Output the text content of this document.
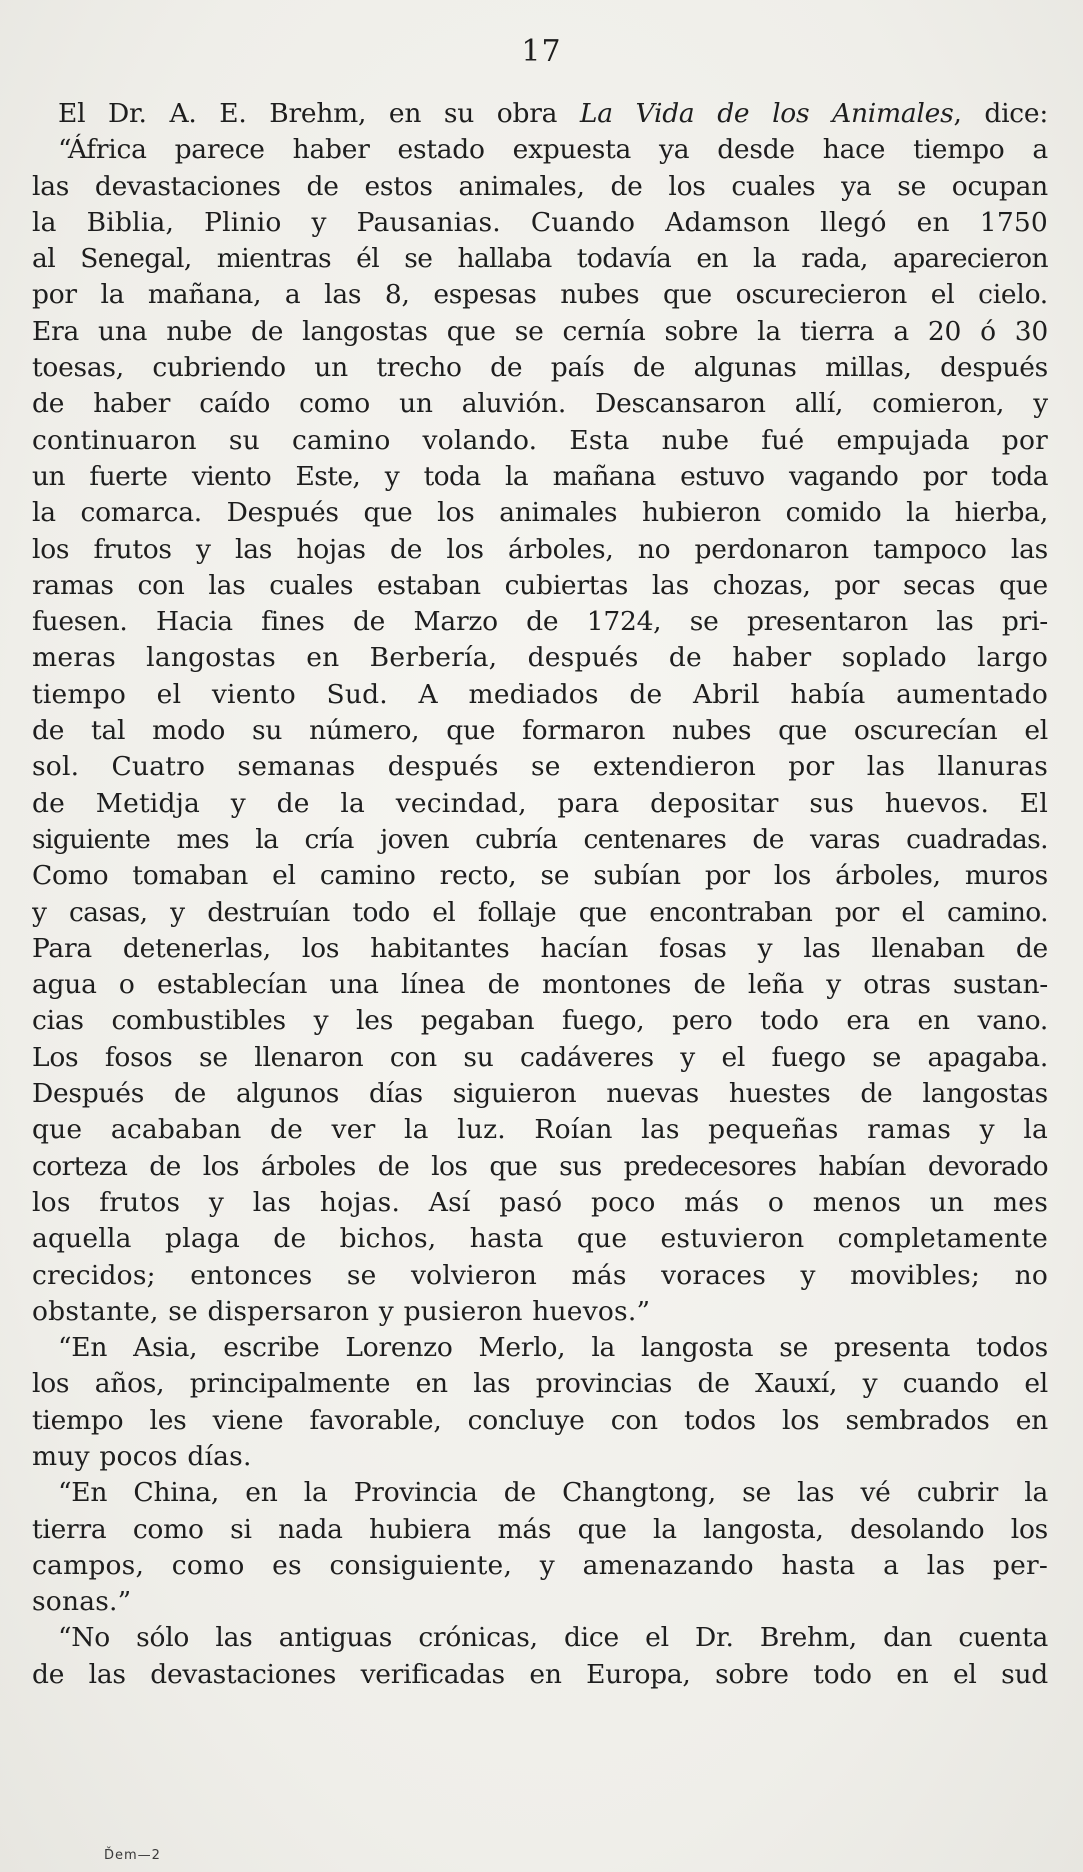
17
El Dr. A. E. Brehm, en su obra La Vida de los Animales, dice:
“África parece haber estado expuesta ya desde hace tiempo a
las devastaciones de estos animales, de los cuales ya se ocupan
la Biblia, Plinio y Pausanias. Cuando Adamson llegó en 1750
al Senegal, mientras él se hallaba todavía en la rada, aparecieron
por la mañana, a las 8, espesas nubes que oscurecieron el cielo.
Era una nube de langostas que se cernía sobre la tierra a 20 ó 30
toesas, cubriendo un trecho de país de algunas millas, después
de haber caído como un aluvión. Descansaron allí, comieron, y
continuaron su camino volando. Esta nube fué empujada por
un fuerte viento Este, y toda la mañana estuvo vagando por toda
la comarca. Después que los animales hubieron comido la hierba,
los frutos y las hojas de los árboles, no perdonaron tampoco las
ramas con las cuales estaban cubiertas las chozas, por secas que
fuesen. Hacia fines de Marzo de 1724, se presentaron las pri-
meras langostas en Berbería, después de haber soplado largo
tiempo el viento Sud. A mediados de Abril había aumentado
de tal modo su número, que formaron nubes que oscurecían el
sol. Cuatro semanas después se extendieron por las llanuras
de Metidja y de la vecindad, para depositar sus huevos. El
siguiente mes la cría joven cubría centenares de varas cuadradas.
Como tomaban el camino recto, se subían por los árboles, muros
y casas, y destruían todo el follaje que encontraban por el camino.
Para detenerlas, los habitantes hacían fosas y las llenaban de
agua o establecían una línea de montones de leña y otras sustan-
cias combustibles y les pegaban fuego, pero todo era en vano.
Los fosos se llenaron con su cadáveres y el fuego se apagaba.
Después de algunos días siguieron nuevas huestes de langostas
que acababan de ver la luz. Roían las pequeñas ramas y la
corteza de los árboles de los que sus predecesores habían devorado
los frutos y las hojas. Así pasó poco más o menos un mes
aquella plaga de bichos, hasta que estuvieron completamente
crecidos; entonces se volvieron más voraces y movibles; no
obstante, se dispersaron y pusieron huevos.”
“En Asia, escribe Lorenzo Merlo, la langosta se presenta todos
los años, principalmente en las provincias de Xauxí, y cuando el
tiempo les viene favorable, concluye con todos los sembrados en
muy pocos días.
“En China, en la Provincia de Changtong, se las vé cubrir la
tierra como si nada hubiera más que la langosta, desolando los
campos, como es consiguiente, y amenazando hasta a las per-
sonas.”
“No sólo las antiguas crónicas, dice el Dr. Brehm, dan cuenta
de las devastaciones verificadas en Europa, sobre todo en el sud
Ďem—2
